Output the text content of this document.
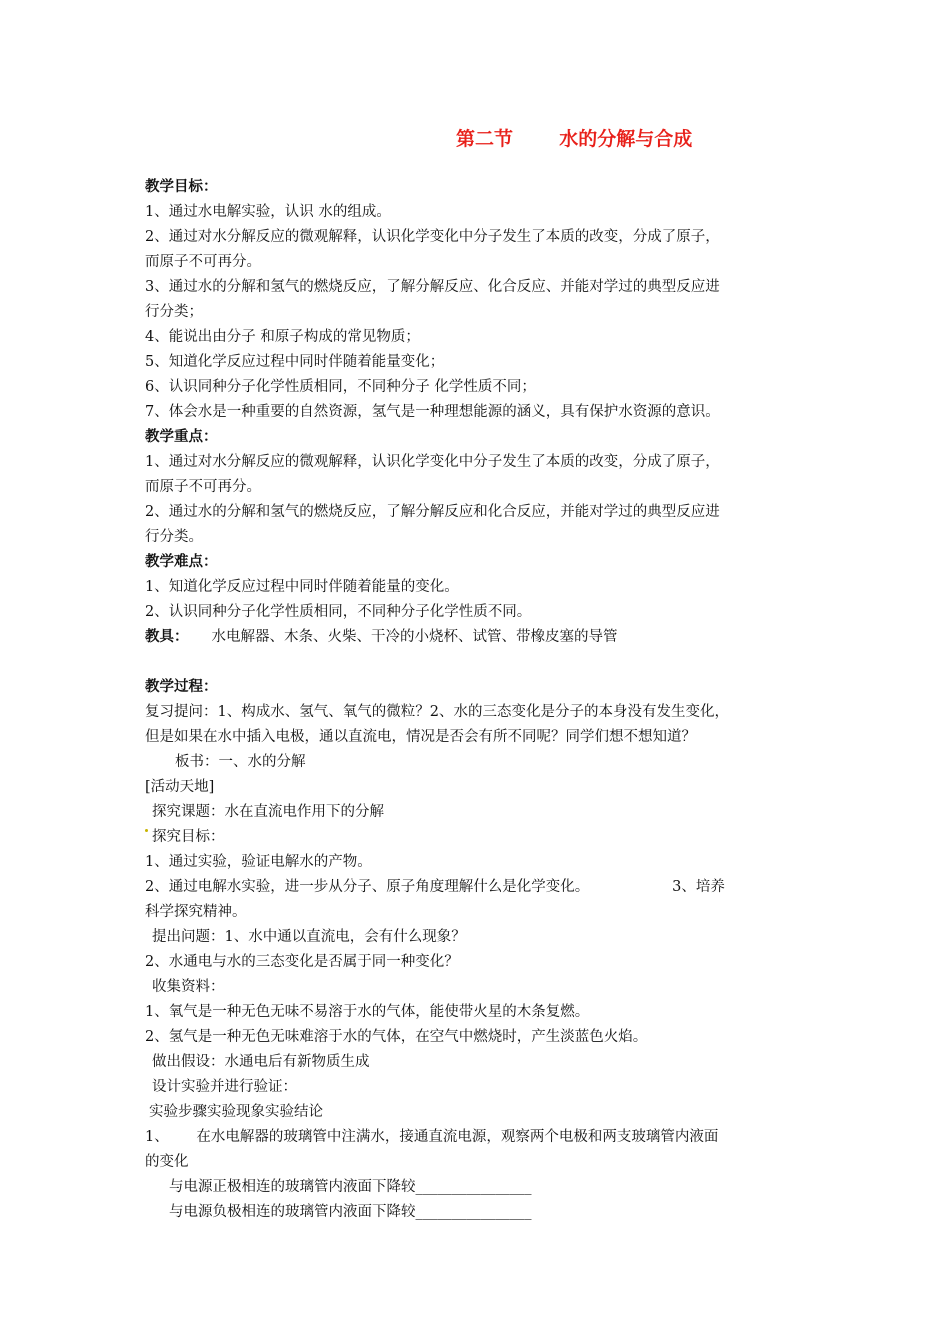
第二节       水的分解与合成
教学目标：
1、通过水电解实验，认识 水的组成。
2、通过对水分解反应的微观解释，认识化学变化中分子发生了本质的改变，分成了原子，
而原子不可再分。
3、通过水的分解和氢气的燃烧反应，了解分解反应、化合反应、并能对学过的典型反应进
行分类；
4、能说出由分子 和原子构成的常见物质；
5、知道化学反应过程中同时伴随着能量变化；
6、认识同种分子化学性质相同，不同种分子 化学性质不同；
7、体会水是一种重要的自然资源，氢气是一种理想能源的涵义，具有保护水资源的意识。
教学重点：
1、通过对水分解反应的微观解释，认识化学变化中分子发生了本质的改变，分成了原子，
而原子不可再分。
2、通过水的分解和氢气的燃烧反应，了解分解反应和化合反应，并能对学过的典型反应进
行分类。
教学难点：
1、知道化学反应过程中同时伴随着能量的变化。
2、认识同种分子化学性质相同，不同种分子化学性质不同。
教具：     水电解器、木条、火柴、干冷的小烧杯、试管、带橡皮塞的导管
教学过程：
复习提问：1、构成水、氢气、氧气的微粒？2、水的三态变化是分子的本身没有发生变化，
但是如果在水中插入电极，通以直流电，情况是否会有所不同呢？同学们想不想知道？
板书：一、水的分解
[活动天地]
探究课题：水在直流电作用下的分解
探究目标：
1、通过实验，验证电解水的产物。
2、通过电解水实验，进一步从分子、原子角度理解什么是化学变化。                  3、培养
科学探究精神。
提出问题：1、水中通以直流电，会有什么现象？
2、水通电与水的三态变化是否属于同一种变化？
收集资料：
1、氧气是一种无色无味不易溶于水的气体，能使带火星的木条复燃。
2、氢气是一种无色无味难溶于水的气体，在空气中燃烧时，产生淡蓝色火焰。
做出假设：水通电后有新物质生成
设计实验并进行验证：
实验步骤实验现象实验结论
1、      在水电解器的玻璃管中注满水，接通直流电源，观察两个电极和两支玻璃管内液面
的变化
与电源正极相连的玻璃管内液面下降较________________
与电源负极相连的玻璃管内液面下降较________________
